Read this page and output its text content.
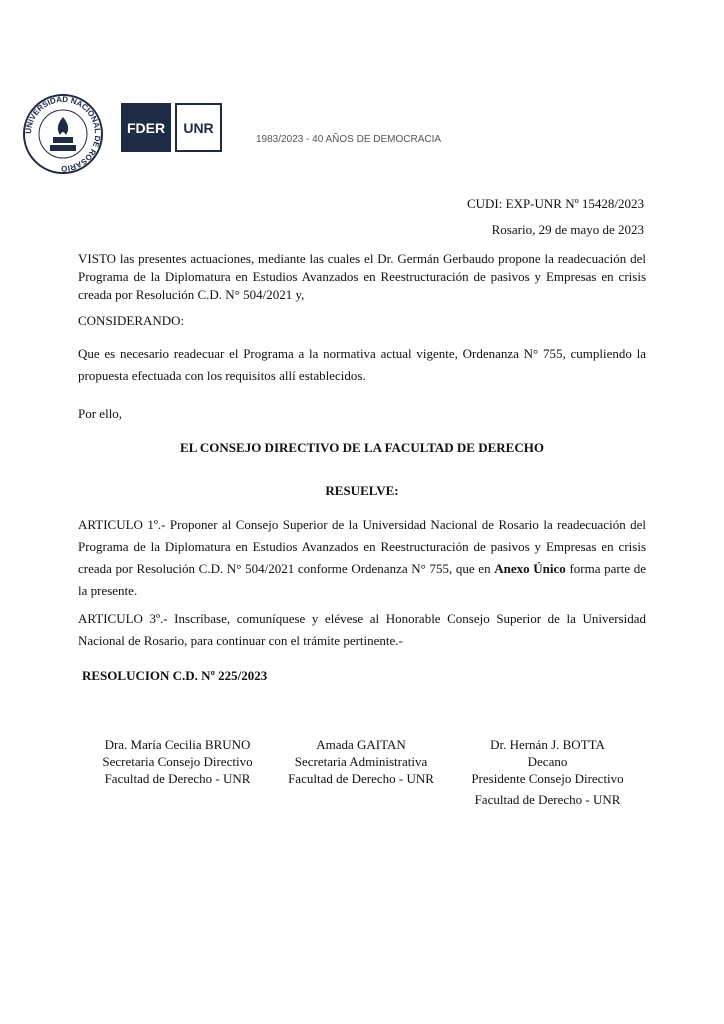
UNIVERSIDAD NACIONAL DE ROSARIO
FDER UNR
1983/2023 - 40 AÑOS DE DEMOCRACIA
CUDI: EXP-UNR Nº 15428/2023
Rosario, 29 de mayo de 2023
VISTO las presentes actuaciones, mediante las cuales el Dr. Germán Gerbaudo propone la readecuación del Programa de la Diplomatura en Estudios Avanzados en Reestructuración de pasivos y Empresas en crisis creada por Resolución C.D. N° 504/2021 y,
CONSIDERANDO:
Que es necesario readecuar el Programa a la normativa actual vigente, Ordenanza N° 755, cumpliendo la propuesta efectuada con los requisitos allí establecidos.
Por ello,
EL CONSEJO DIRECTIVO DE LA FACULTAD DE DERECHO
RESUELVE:
ARTICULO 1º.- Proponer al Consejo Superior de la Universidad Nacional de Rosario la readecuación del Programa de la Diplomatura en Estudios Avanzados en Reestructuración de pasivos y Empresas en crisis creada por Resolución C.D. N° 504/2021 conforme Ordenanza N° 755, que en Anexo Único forma parte de la presente.
ARTICULO 3º.- Inscríbase, comuníquese y elévese al Honorable Consejo Superior de la Universidad Nacional de Rosario, para continuar con el trámite pertinente.-
RESOLUCION C.D. Nº 225/2023
Dra. María Cecilia BRUNO
Secretaria Consejo Directivo
Facultad de Derecho - UNR
Amada GAITAN
Secretaria Administrativa
Facultad de Derecho - UNR
Dr. Hernán J. BOTTA
Decano
Presidente Consejo Directivo
Facultad de Derecho - UNR
